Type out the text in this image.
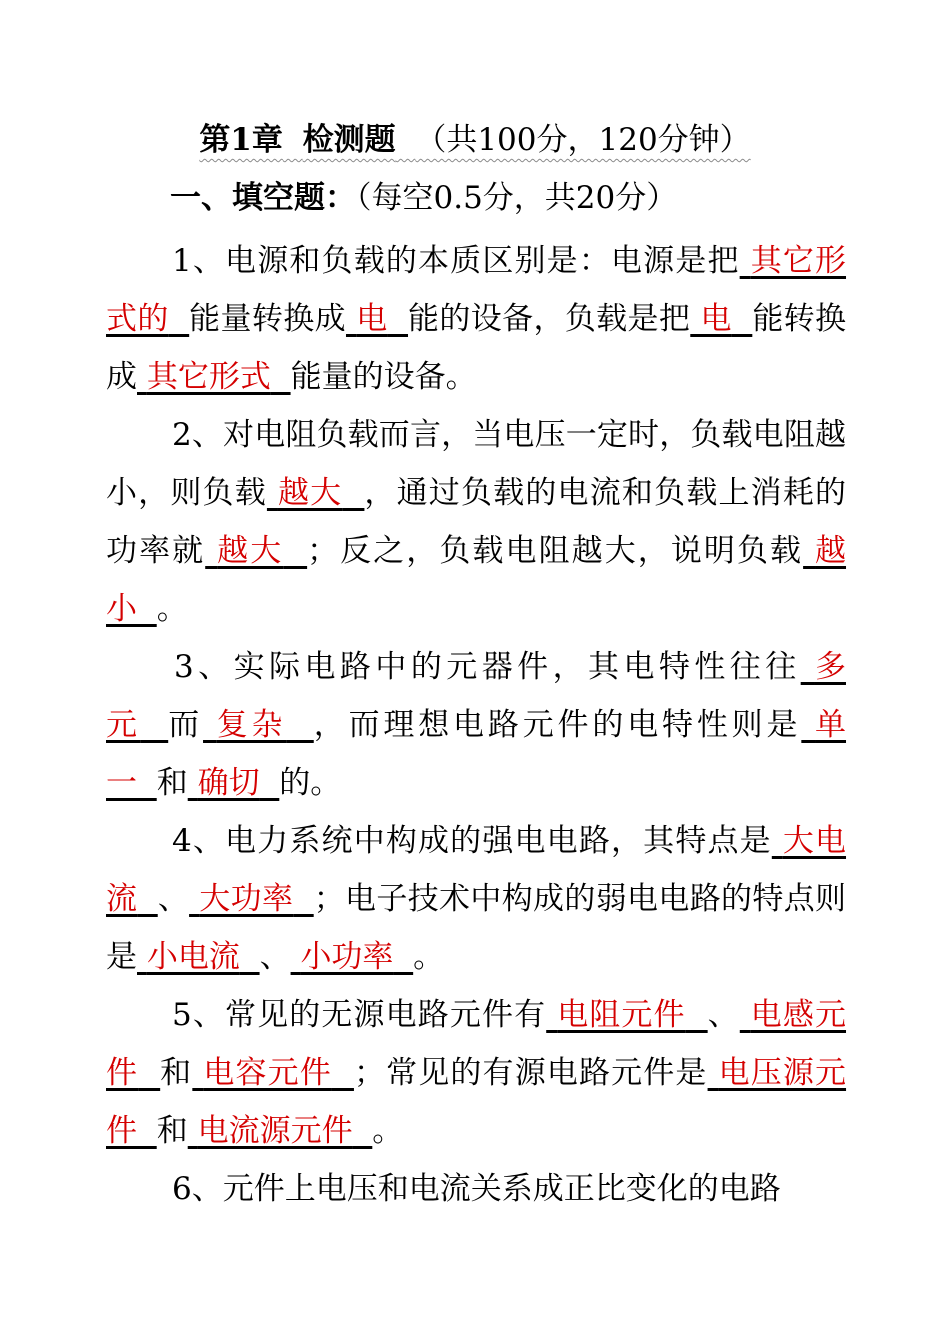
第1章 检测题 （共100分，120分钟）
一、填空题：（每空0.5分，共20分）

1、电源和负载的本质区别是：电源是把 其它形式的 能量转换成 电 能的设备，负载是把 电 能转换成 其它形式 能量的设备。

2、对电阻负载而言，当电压一定时，负载电阻越小，则负载 越大 ，通过负载的电流和负载上消耗的功率就 越大 ；反之，负载电阻越大，说明负载 越小 。

3、实际电路中的元器件，其电特性往往 多元 而 复杂 ，而理想电路元件的电特性则是 单一 和 确切 的。

4、电力系统中构成的强电电路，其特点是 大电流 、 大功率 ；电子技术中构成的弱电电路的特点则是 小电流 、 小功率 。

5、常见的无源电路元件有 电阻元件 、 电感元件 和 电容元件 ；常见的有源电路元件是 电压源元件 和 电流源元件 。

6、元件上电压和电流关系成正比变化的电路
